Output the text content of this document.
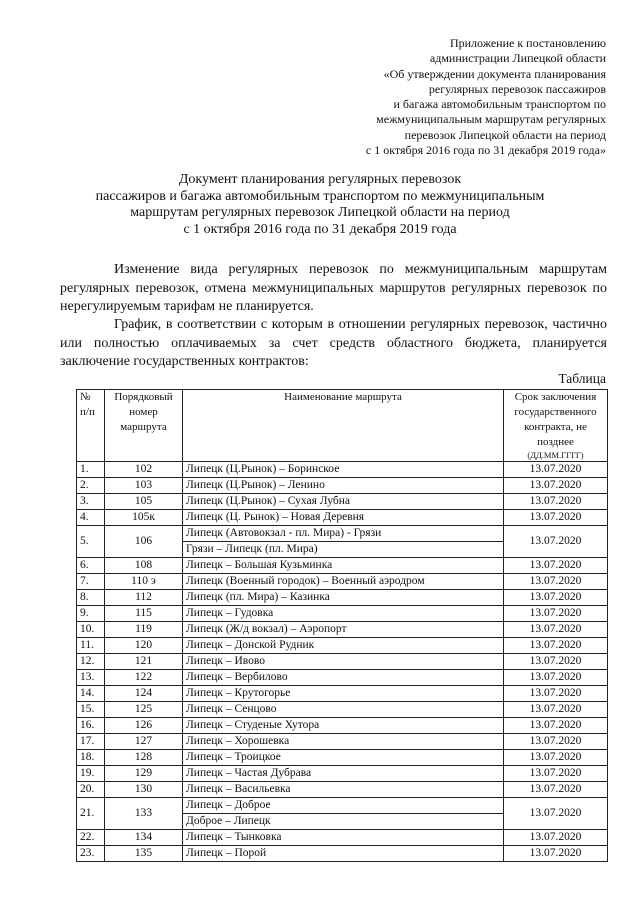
Приложение к постановлению
администрации Липецкой области
«Об утверждении документа планирования
регулярных перевозок пассажиров
и багажа автомобильным транспортом по
межмуниципальным маршрутам регулярных
перевозок Липецкой области на период
с 1 октября 2016 года по 31 декабря 2019 года»
Документ планирования регулярных перевозок
пассажиров и багажа автомобильным транспортом по межмуниципальным
маршрутам регулярных перевозок Липецкой области на период
с 1 октября 2016 года по 31 декабря 2019 года
Изменение вида регулярных перевозок по межмуниципальным маршрутам регулярных перевозок, отмена межмуниципальных маршрутов регулярных перевозок по нерегулируемым тарифам не планируется.
График, в соответствии с которым в отношении регулярных перевозок, частично или полностью оплачиваемых за счет средств областного бюджета, планируется заключение государственных контрактов:
Таблица
№ п/п	Порядковый номер маршрута	Наименование маршрута	Срок заключения государственного контракта, не позднее
(ДД.ММ.ГГГГ)

1.	102	Липецк (Ц.Рынок) – Боринское	13.07.2020
2.	103	Липецк (Ц.Рынок) – Ленино	13.07.2020
3.	105	Липецк (Ц.Рынок) – Сухая Лубна	13.07.2020
4.	105к	Липецк (Ц. Рынок) – Новая Деревня	13.07.2020
5.	106	Липецк (Автовокзал - пл. Мира) - Грязи	13.07.2020
		Грязи – Липецк (пл. Мира)	
6.	108	Липецк – Большая Кузьминка	13.07.2020
7.	110 э	Липецк (Военный городок) – Военный аэродром	13.07.2020
8.	112	Липецк (пл. Мира) – Казинка	13.07.2020
9.	115	Липецк – Гудовка	13.07.2020
10.	119	Липецк (Ж/д вокзал) – Аэропорт	13.07.2020
11.	120	Липецк – Донской Рудник	13.07.2020
12.	121	Липецк – Ивово	13.07.2020
13.	122	Липецк – Вербилово	13.07.2020
14.	124	Липецк – Крутогорье	13.07.2020
15.	125	Липецк – Сенцово	13.07.2020
16.	126	Липецк – Студеные Хутора	13.07.2020
17.	127	Липецк – Хорошевка	13.07.2020
18.	128	Липецк – Троицкое	13.07.2020
19.	129	Липецк – Частая Дубрава	13.07.2020
20.	130	Липецк – Васильевка	13.07.2020
21.	133	Липецк – Доброе	13.07.2020
		Доброе – Липецк	
22.	134	Липецк – Тынковка	13.07.2020
23.	135	Липецк – Порой	13.07.2020
